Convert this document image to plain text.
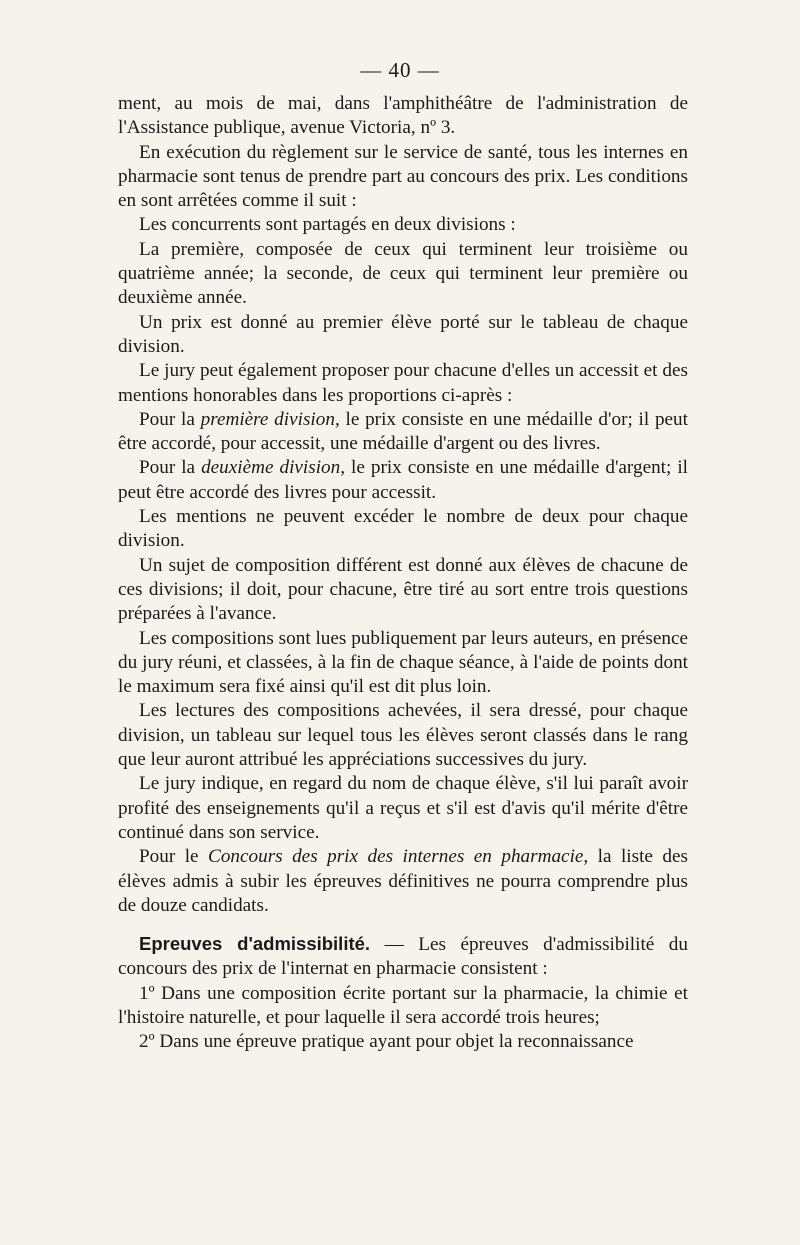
— 40 —

ment, au mois de mai, dans l'amphithéâtre de l'administration de l'Assistance publique, avenue Victoria, nº 3.

En exécution du règlement sur le service de santé, tous les internes en pharmacie sont tenus de prendre part au concours des prix. Les conditions en sont arrêtées comme il suit :

Les concurrents sont partagés en deux divisions :

La première, composée de ceux qui terminent leur troisième ou quatrième année; la seconde, de ceux qui terminent leur première ou deuxième année.

Un prix est donné au premier élève porté sur le tableau de chaque division.

Le jury peut également proposer pour chacune d'elles un accessit et des mentions honorables dans les proportions ci-après :

Pour la première division, le prix consiste en une médaille d'or; il peut être accordé, pour accessit, une médaille d'argent ou des livres.

Pour la deuxième division, le prix consiste en une médaille d'argent; il peut être accordé des livres pour accessit.

Les mentions ne peuvent excéder le nombre de deux pour chaque division.

Un sujet de composition différent est donné aux élèves de chacune de ces divisions; il doit, pour chacune, être tiré au sort entre trois questions préparées à l'avance.

Les compositions sont lues publiquement par leurs auteurs, en présence du jury réuni, et classées, à la fin de chaque séance, à l'aide de points dont le maximum sera fixé ainsi qu'il est dit plus loin.

Les lectures des compositions achevées, il sera dressé, pour chaque division, un tableau sur lequel tous les élèves seront classés dans le rang que leur auront attribué les appréciations successives du jury.

Le jury indique, en regard du nom de chaque élève, s'il lui paraît avoir profité des enseignements qu'il a reçus et s'il est d'avis qu'il mérite d'être continué dans son service.

Pour le Concours des prix des internes en pharmacie, la liste des élèves admis à subir les épreuves définitives ne pourra comprendre plus de douze candidats.

Epreuves d'admissibilité. — Les épreuves d'admissibilité du concours des prix de l'internat en pharmacie consistent :

1º Dans une composition écrite portant sur la pharmacie, la chimie et l'histoire naturelle, et pour laquelle il sera accordé trois heures;

2º Dans une épreuve pratique ayant pour objet la reconnaissance
